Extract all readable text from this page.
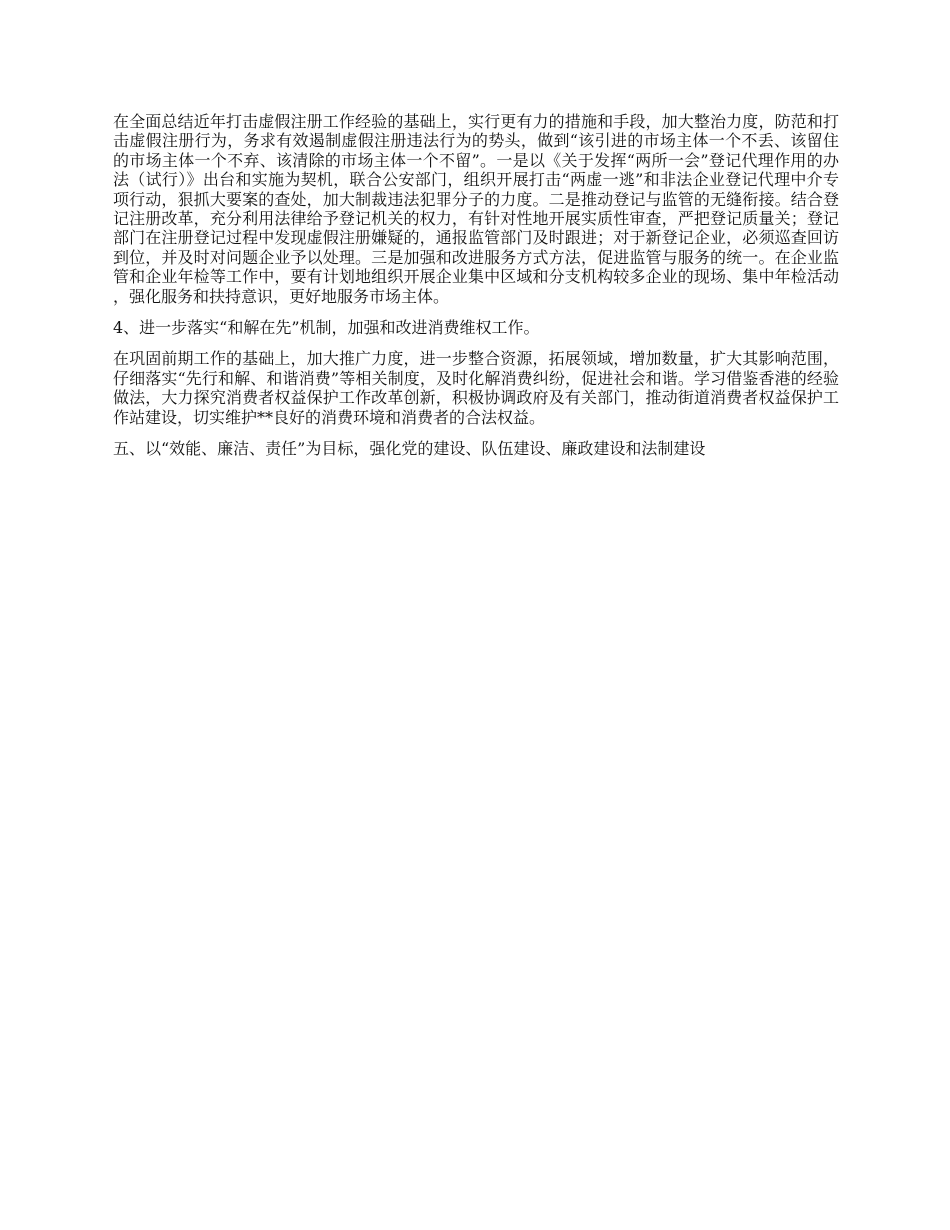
在全面总结近年打击虚假注册工作经验的基础上，实行更有力的措施和手段，加大整治力度，防范和打击虚假注册行为，务求有效遏制虚假注册违法行为的势头，做到“该引进的市场主体一个不丢、该留住的市场主体一个不弃、该清除的市场主体一个不留”。一是以《关于发挥“两所一会”登记代理作用的办法（试行）》出台和实施为契机，联合公安部门，组织开展打击“两虚一逃”和非法企业登记代理中介专项行动，狠抓大要案的查处，加大制裁违法犯罪分子的力度。二是推动登记与监管的无缝衔接。结合登记注册改革，充分利用法律给予登记机关的权力，有针对性地开展实质性审查，严把登记质量关；登记部门在注册登记过程中发现虚假注册嫌疑的，通报监管部门及时跟进；对于新登记企业，必须巡查回访到位，并及时对问题企业予以处理。三是加强和改进服务方式方法，促进监管与服务的统一。在企业监管和企业年检等工作中，要有计划地组织开展企业集中区域和分支机构较多企业的现场、集中年检活动，强化服务和扶持意识，更好地服务市场主体。

4、进一步落实“和解在先”机制，加强和改进消费维权工作。

在巩固前期工作的基础上，加大推广力度，进一步整合资源，拓展领域，增加数量，扩大其影响范围，仔细落实“先行和解、和谐消费”等相关制度，及时化解消费纠纷，促进社会和谐。学习借鉴香港的经验做法，大力探究消费者权益保护工作改革创新，积极协调政府及有关部门，推动街道消费者权益保护工作站建设，切实维护**良好的消费环境和消费者的合法权益。

五、以“效能、廉洁、责任”为目标，强化党的建设、队伍建设、廉政建设和法制建设
